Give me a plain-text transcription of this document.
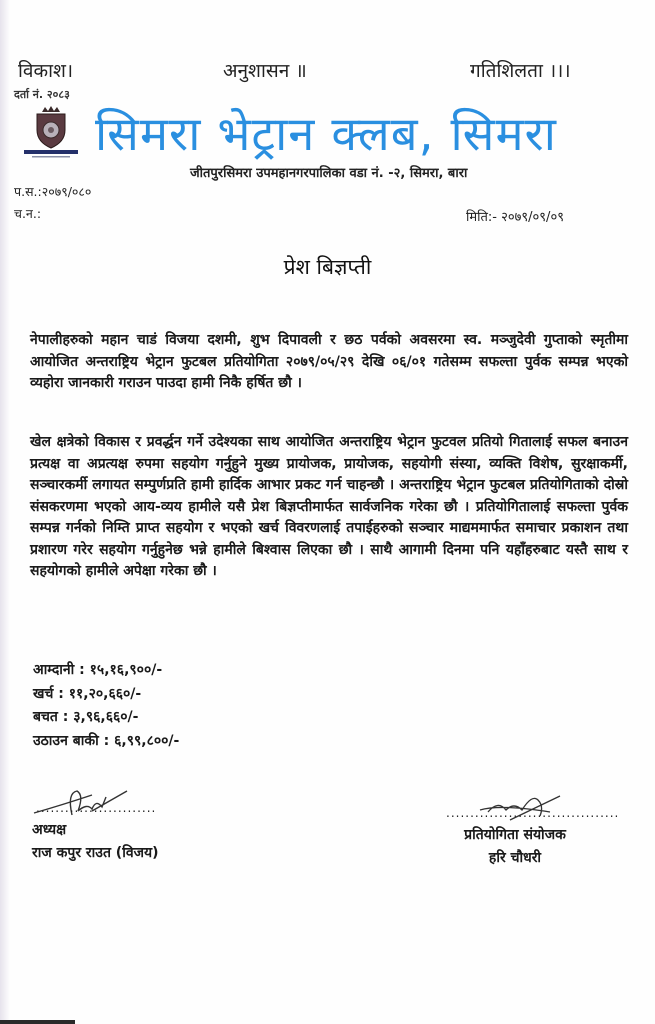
विकाश।	अनुशासन ॥	गतिशिलता ।।।
दर्ता नं. २०८३
सिमरा भेट्रान क्लब, सिमरा
जीतपुरसिमरा उपमहानगरपालिका वडा नं. -२, सिमरा, बारा
प.स.:२०७९/०८०
च.न.:	मिति:- २०७९/०९/०९
प्रेश बिज्ञप्ती
नेपालीहरुको महान चाडं विजया दशमी, शुभ दिपावली र छठ पर्वको अवसरमा स्व. मञ्जुदेवी गुप्ताको स्मृतीमा आयोजित अन्तराष्ट्रिय भेट्रान फुटबल प्रतियोगिता २०७९/०५/२९ देखि ०६/०१ गतेसम्म सफल्ता पुर्वक सम्पन्न भएको व्यहोरा जानकारी गराउन पाउदा हामी निकै हर्षित छौ ।
खेल क्षत्रेको विकास र प्रवर्द्धन गर्ने उदेश्यका साथ आयोजित अन्तराष्ट्रिय भेट्रान फुटवल प्रतियो गितालाई सफल बनाउन प्रत्यक्ष वा अप्रत्यक्ष रुपमा सहयोग गर्नुहुने मुख्य प्रायोजक, प्रायोजक, सहयोगी संस्या, व्यक्ति विशेष, सुरक्षाकर्मी, सञ्चारकर्मी लगायत सम्पुर्णप्रति हामी हार्दिक आभार प्रकट गर्न चाहन्छौ । अन्तराष्ट्रिय भेट्रान फुटबल प्रतियोगिताको दोस्रो संसकरणमा भएको आय-व्यय हामीले यसै प्रेश बिज्ञप्तीमार्फत सार्वजनिक गरेका छौ । प्रतियोगितालाई सफल्ता पुर्वक सम्पन्न गर्नको निम्ति प्राप्त सहयोग र भएको खर्च विवरणलाई तपाईहरुको सञ्चार माद्यममार्फत समाचार प्रकाशन तथा प्रशारण गरेर सहयोग गर्नुहुनेछ भन्ने हामीले बिश्वास लिएका छौ । साथै आगामी दिनमा पनि यहाँहरुबाट यस्तै साथ र सहयोगको हामीले अपेक्षा गरेका छौ ।
आम्दानी : १५,१६,९००/-
खर्च : ११,२०,६६०/-
बचत : ३,९६,६६०/-
उठाउन बाकी : ६,९९,८००/-
.........................
अध्यक्ष
राज कपुर राउत (विजय)
....................................
प्रतियोगिता संयोजक
हरि चौधरी
